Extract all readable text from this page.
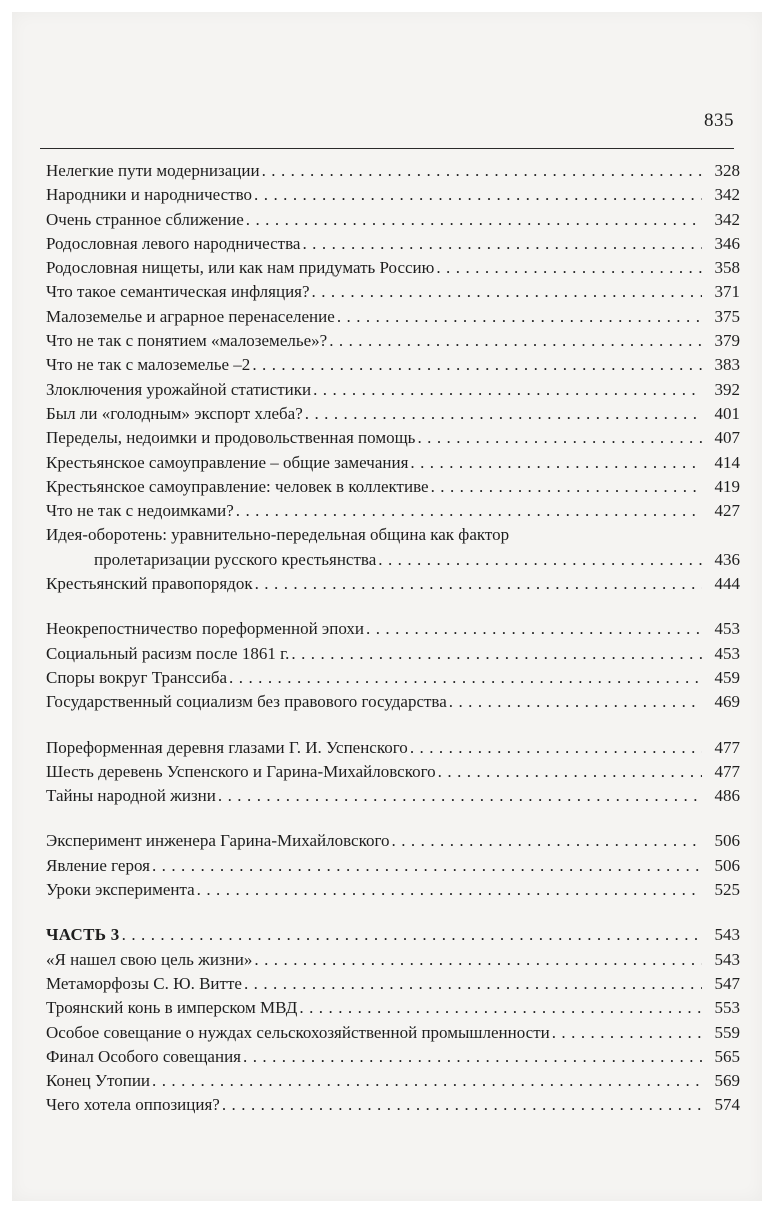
835
Нелегкие пути модернизации . . .	328
Народники и народничество . . .	342
Очень странное сближение . . .	342
Родословная левого народничества . . .	346
Родословная нищеты, или как нам придумать Россию . . .	358
Что такое семантическая инфляция? . . .	371
Малоземелье и аграрное перенаселение . . .	375
Что не так с понятием «малоземелье»? . . .	379
Что не так с малоземелье –2 . . .	383
Злоключения урожайной статистики . . .	392
Был ли «голодным» экспорт хлеба? . . .	401
Переделы, недоимки и продовольственная помощь . . .	407
Крестьянское самоуправление – общие замечания . . .	414
Крестьянское самоуправление: человек в коллективе . . .	419
Что не так с недоимками? . . .	427
Идея-оборотень: уравнительно-передельная община как фактор
пролетаризации русского крестьянства . . .	436
Крестьянский правопорядок . . .	444
Неокрепостничество пореформенной эпохи . . .	453
Социальный расизм после 1861 г. . . .	453
Споры вокруг Транссиба . . .	459
Государственный социализм без правового государства . . .	469
Пореформенная деревня глазами Г. И. Успенского . . .	477
Шесть деревень Успенского и Гарина-Михайловского . . .	477
Тайны народной жизни . . .	486
Эксперимент инженера Гарина-Михайловского . . .	506
Явление героя . . .	506
Уроки эксперимента . . .	525
ЧАСТЬ 3 . . .	543
«Я нашел свою цель жизни» . . .	543
Метаморфозы С. Ю. Витте . . .	547
Троянский конь в имперском МВД . . .	553
Особое совещание о нуждах сельскохозяйственной промышленности . . .	559
Финал Особого совещания . . .	565
Конец Утопии . . .	569
Чего хотела оппозиция? . . .	574
